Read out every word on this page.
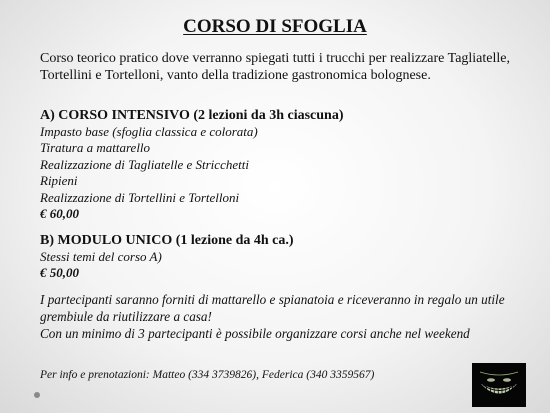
CORSO DI SFOGLIA
Corso teorico pratico dove verranno spiegati tutti i trucchi per realizzare Tagliatelle, Tortellini e Tortelloni, vanto della tradizione gastronomica bolognese.
A) CORSO INTENSIVO (2 lezioni da 3h ciascuna)
Impasto base (sfoglia classica e colorata)
Tiratura a mattarello
Realizzazione di Tagliatelle e Stricchetti
Ripieni
Realizzazione di Tortellini e Tortelloni
€ 60,00
B) MODULO UNICO (1 lezione da 4h ca.)
Stessi temi del corso A)
€ 50,00
I partecipanti saranno forniti di mattarello e spianatoia e riceveranno in regalo un utile grembiule da riutilizzare a casa!
Con un minimo di 3 partecipanti è possibile organizzare corsi anche nel weekend
Per info e prenotazioni: Matteo (334 3739826), Federica (340 3359567)
